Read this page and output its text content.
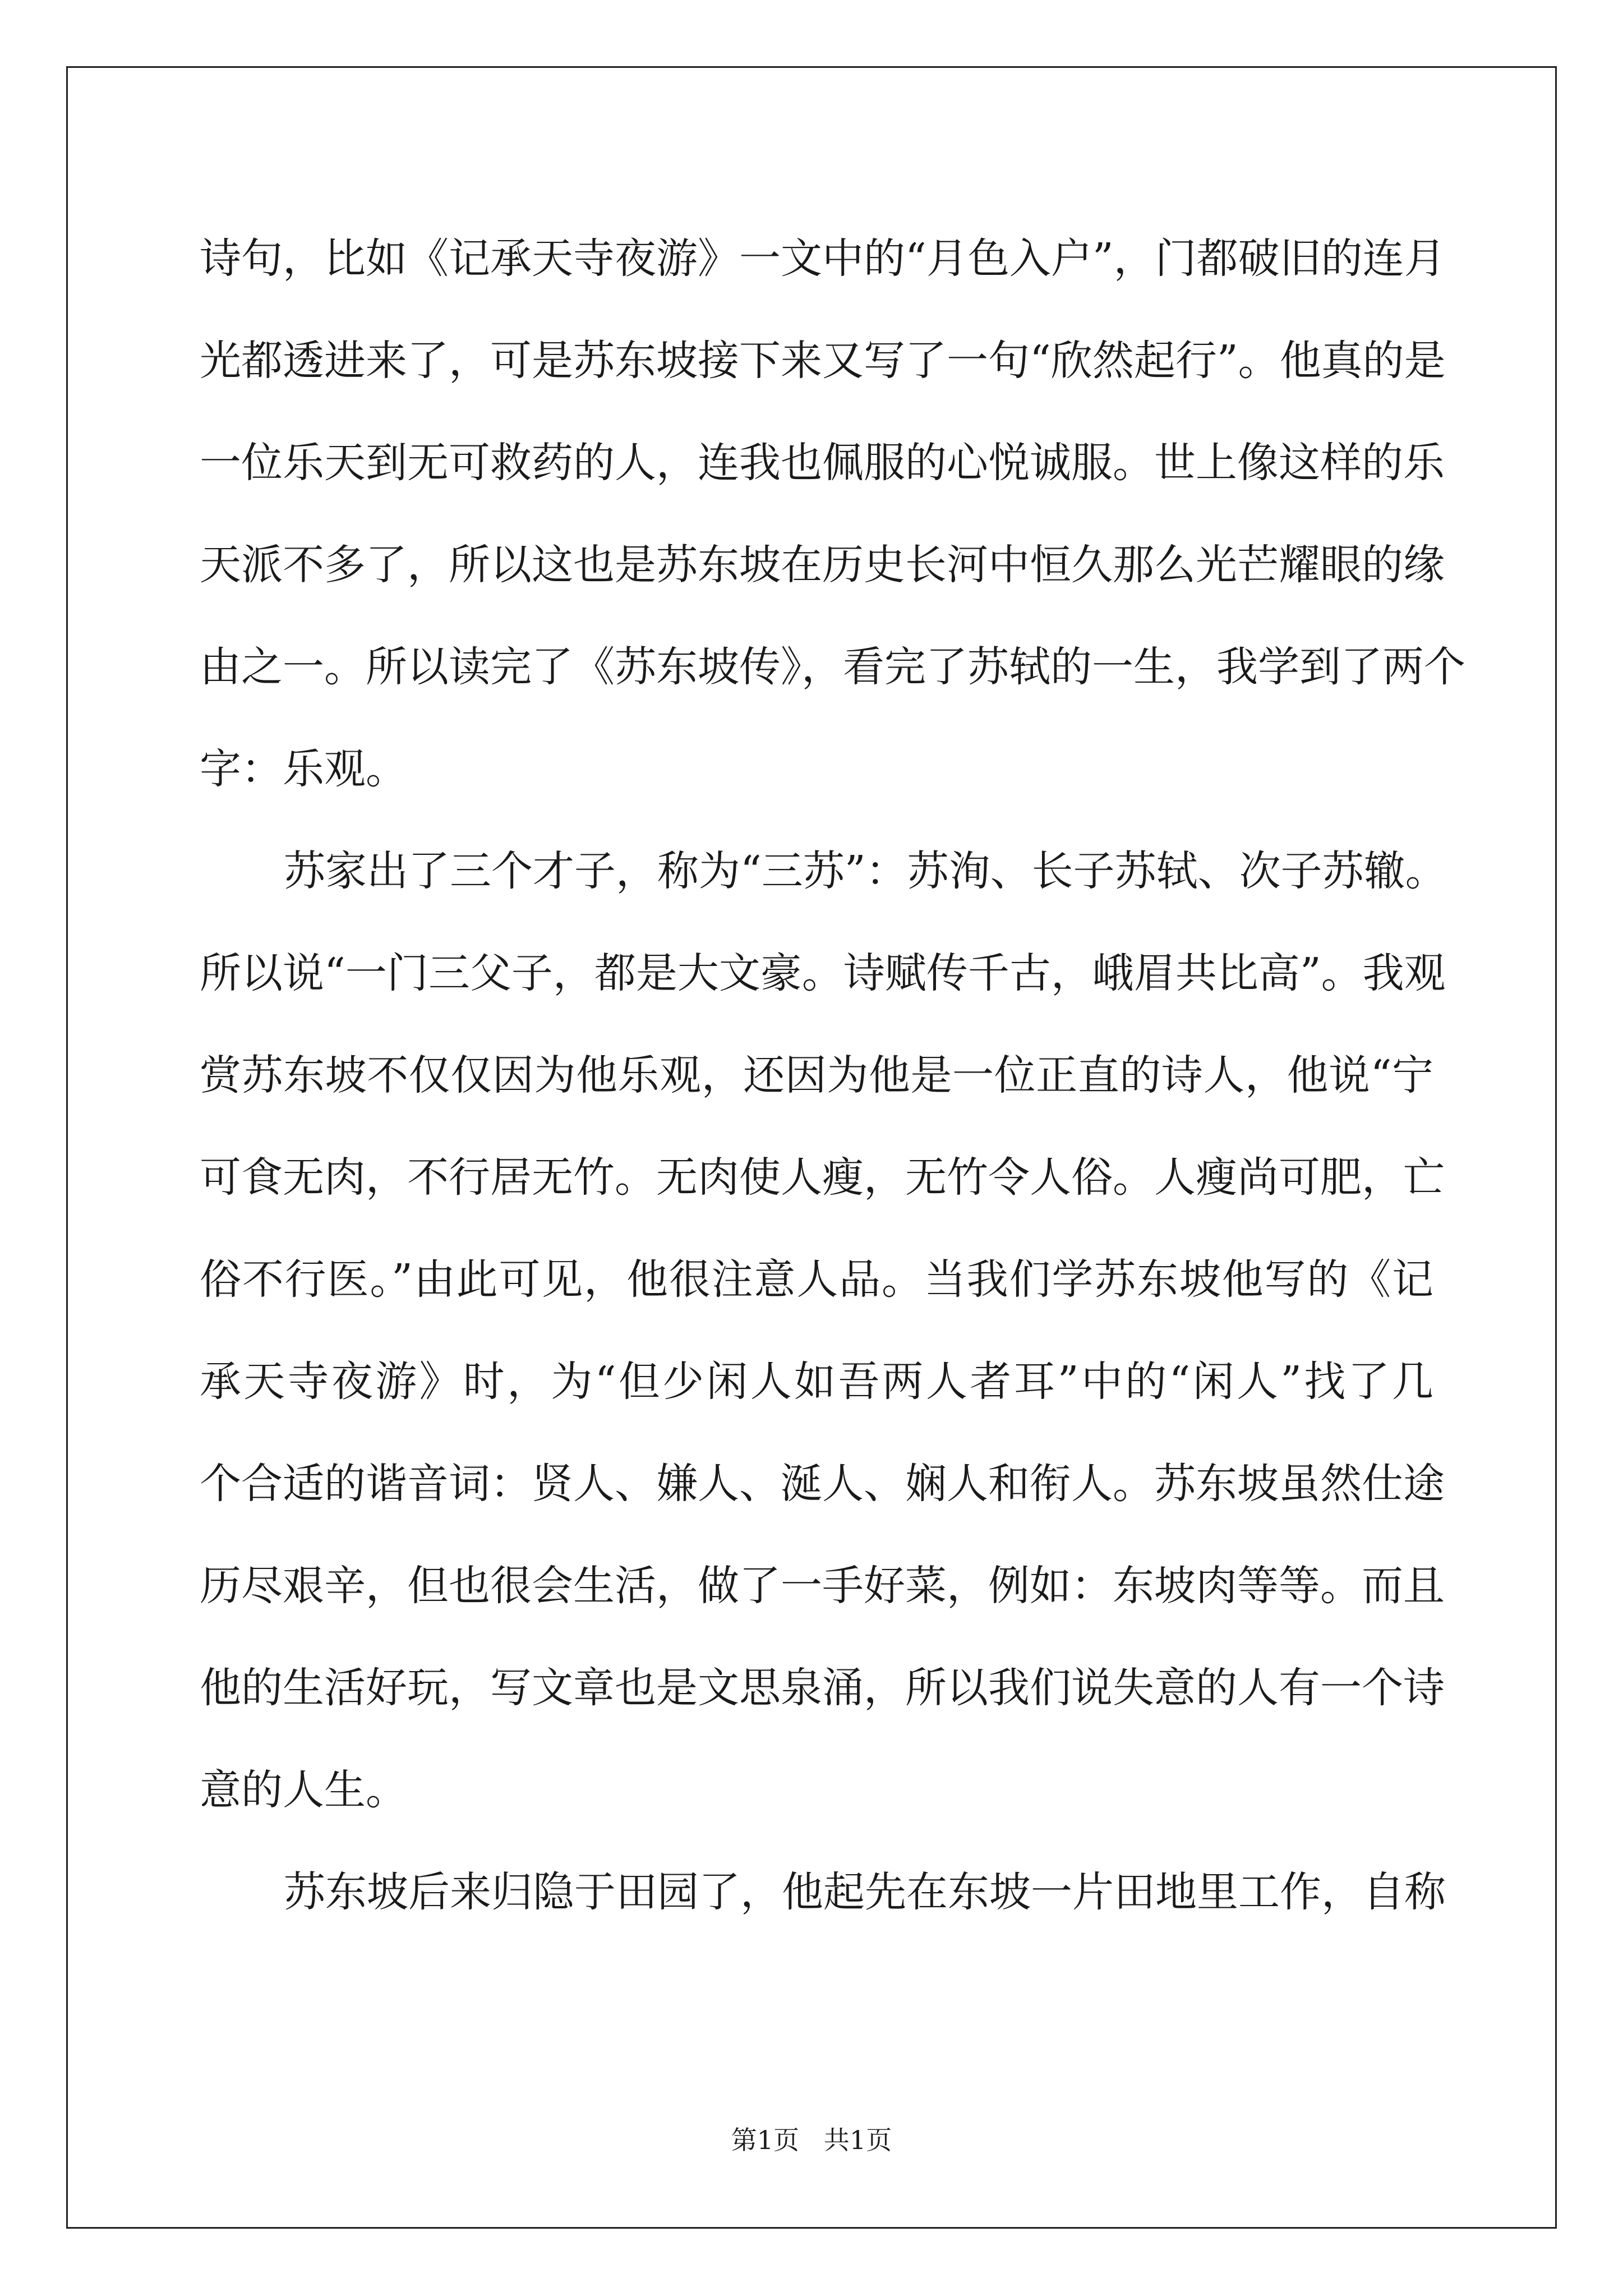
诗句，比如《记承天寺夜游》一文中的“月色入户”，门都破旧的连月
光都透进来了，可是苏东坡接下来又写了一句“欣然起行”。他真的是
一位乐天到无可救药的人，连我也佩服的心悦诚服。世上像这样的乐
天派不多了，所以这也是苏东坡在历史长河中恒久那么光芒耀眼的缘
由之一。所以读完了《苏东坡传》，看完了苏轼的一生，我学到了两个
字：乐观。
苏家出了三个才子，称为“三苏”：苏洵、长子苏轼、次子苏辙。
所以说“一门三父子，都是大文豪。诗赋传千古，峨眉共比高”。我观
赏苏东坡不仅仅因为他乐观，还因为他是一位正直的诗人，他说“宁
可食无肉，不行居无竹。无肉使人瘦，无竹令人俗。人瘦尚可肥，亡
俗不行医。”由此可见，他很注意人品。当我们学苏东坡他写的《记
承天寺夜游》时，为“但少闲人如吾两人者耳”中的“闲人”找了几
个合适的谐音词：贤人、嫌人、涎人、娴人和衔人。苏东坡虽然仕途
历尽艰辛，但也很会生活，做了一手好菜，例如：东坡肉等等。而且
他的生活好玩，写文章也是文思泉涌，所以我们说失意的人有一个诗
意的人生。
苏东坡后来归隐于田园了，他起先在东坡一片田地里工作，自称
第1页   共1页
